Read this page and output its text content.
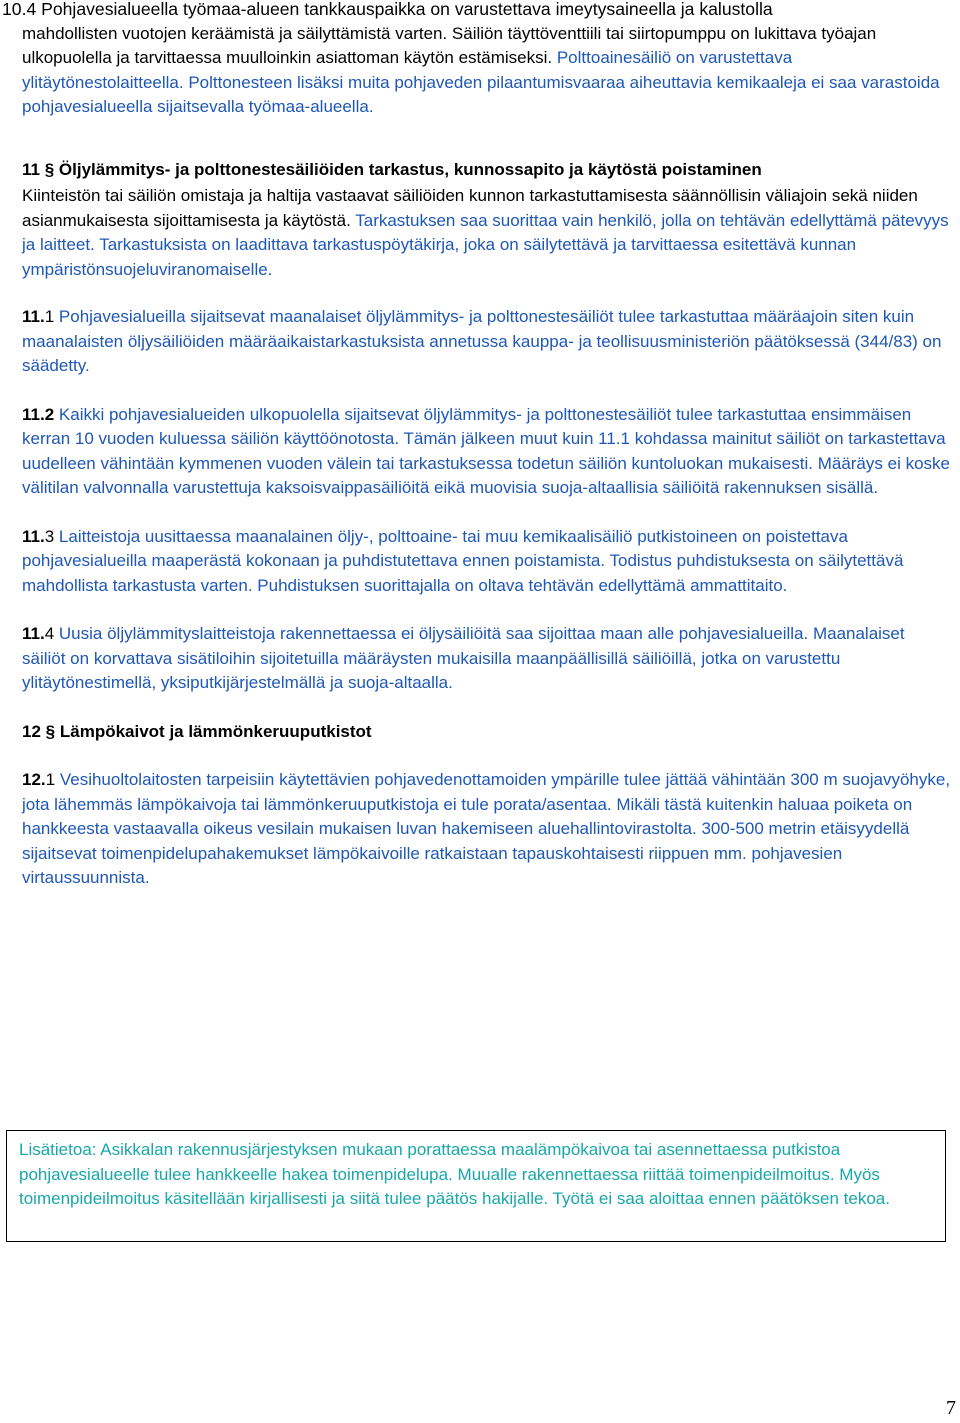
10.4 Pohjavesialueella työmaa-alueen tankkauspaikka on varustettava imeytysaineella ja kalustolla

mahdollisten vuotojen keräämistä ja säilyttämistä varten. Säiliön täyttöventtiili tai siirtopumppu on lukittava työajan ulkopuolella ja tarvittaessa muulloinkin asiattoman käytön estämiseksi. Polttoainesäiliö on varustettava ylitäytönestolaitteella. Polttonesteen lisäksi muita pohjaveden pilaantumisvaaraa aiheuttavia kemikaaleja ei saa varastoida pohjavesialueella sijaitsevalla työmaa-alueella.

11 § Öljylämmitys- ja polttonestesäiliöiden tarkastus, kunnossapito ja käytöstä poistaminen

Kiinteistön tai säiliön omistaja ja haltija vastaavat säiliöiden kunnon tarkastuttamisesta säännöllisin väliajoin sekä niiden asianmukaisesta sijoittamisesta ja käytöstä. Tarkastuksen saa suorittaa vain henkilö, jolla on tehtävän edellyttämä pätevyys ja laitteet. Tarkastuksista on laadittava tarkastuspöytäkirja, joka on säilytettävä ja tarvittaessa esitettävä kunnan ympäristönsuojeluviranomaiselle.

11.1 Pohjavesialueilla sijaitsevat maanalaiset öljylämmitys- ja polttonestesäiliöt tulee tarkastuttaa määräajoin siten kuin maanalaisten öljysäiliöiden määräaikaistarkastuksista annetussa kauppa- ja teollisuusministeriön päätöksessä (344/83) on säädetty.

11.2 Kaikki pohjavesialueiden ulkopuolella sijaitsevat öljylämmitys- ja polttonestesäiliöt tulee tarkastuttaa ensimmäisen kerran 10 vuoden kuluessa säiliön käyttöönotosta. Tämän jälkeen muut kuin 11.1 kohdassa mainitut säiliöt on tarkastettava uudelleen vähintään kymmenen vuoden välein tai tarkastuksessa todetun säiliön kuntoluokan mukaisesti. Määräys ei koske välitilan valvonnalla varustettuja kaksoisvaippasäiliöitä eikä muovisia suoja-altaallisia säiliöitä rakennuksen sisällä.

11.3 Laitteistoja uusittaessa maanalainen öljy-, polttoaine- tai muu kemikaalisäiliö putkistoineen on poistettava pohjavesialueilla maaperästä kokonaan ja puhdistutettava ennen poistamista. Todistus puhdistuksesta on säilytettävä mahdollista tarkastusta varten. Puhdistuksen suorittajalla on oltava tehtävän edellyttämä ammattitaito.

11.4 Uusia öljylämmityslaitteistoja rakennettaessa ei öljysäiliöitä saa sijoittaa maan alle pohjavesialueilla. Maanalaiset säiliöt on korvattava sisätiloihin sijoitetuilla määräysten mukaisilla maanpäällisillä säiliöillä, jotka on varustettu ylitäytönestimellä, yksiputkijärjestelmällä ja suoja-altaalla.

12 § Lämpökaivot ja lämmönkeruuputkistot

12.1 Vesihuoltolaitosten tarpeisiin käytettävien pohjavedenottamoiden ympärille tulee jättää vähintään 300 m suojavyöhyke, jota lähemmäs lämpökaivoja tai lämmönkeruuputkistoja ei tule porata/asentaa. Mikäli tästä kuitenkin haluaa poiketa on hankkeesta vastaavalla oikeus vesilain mukaisen luvan hakemiseen aluehallintovirastolta. 300-500 metrin etäisyydellä sijaitsevat toimenpidelupahakemukset lämpökaivoille ratkaistaan tapauskohtaisesti riippuen mm. pohjavesien virtaussuunnista.

Lisätietoa: Asikkalan rakennusjärjestyksen mukaan porattaessa maalämpökaivoa tai asennettaessa putkistoa pohjavesialueelle tulee hankkeelle hakea toimenpidelupa. Muualle rakennettaessa riittää toimenpideilmoitus. Myös toimenpideilmoitus käsitellään kirjallisesti ja siitä tulee päätös hakijalle. Työtä ei saa aloittaa ennen päätöksen tekoa.

7
